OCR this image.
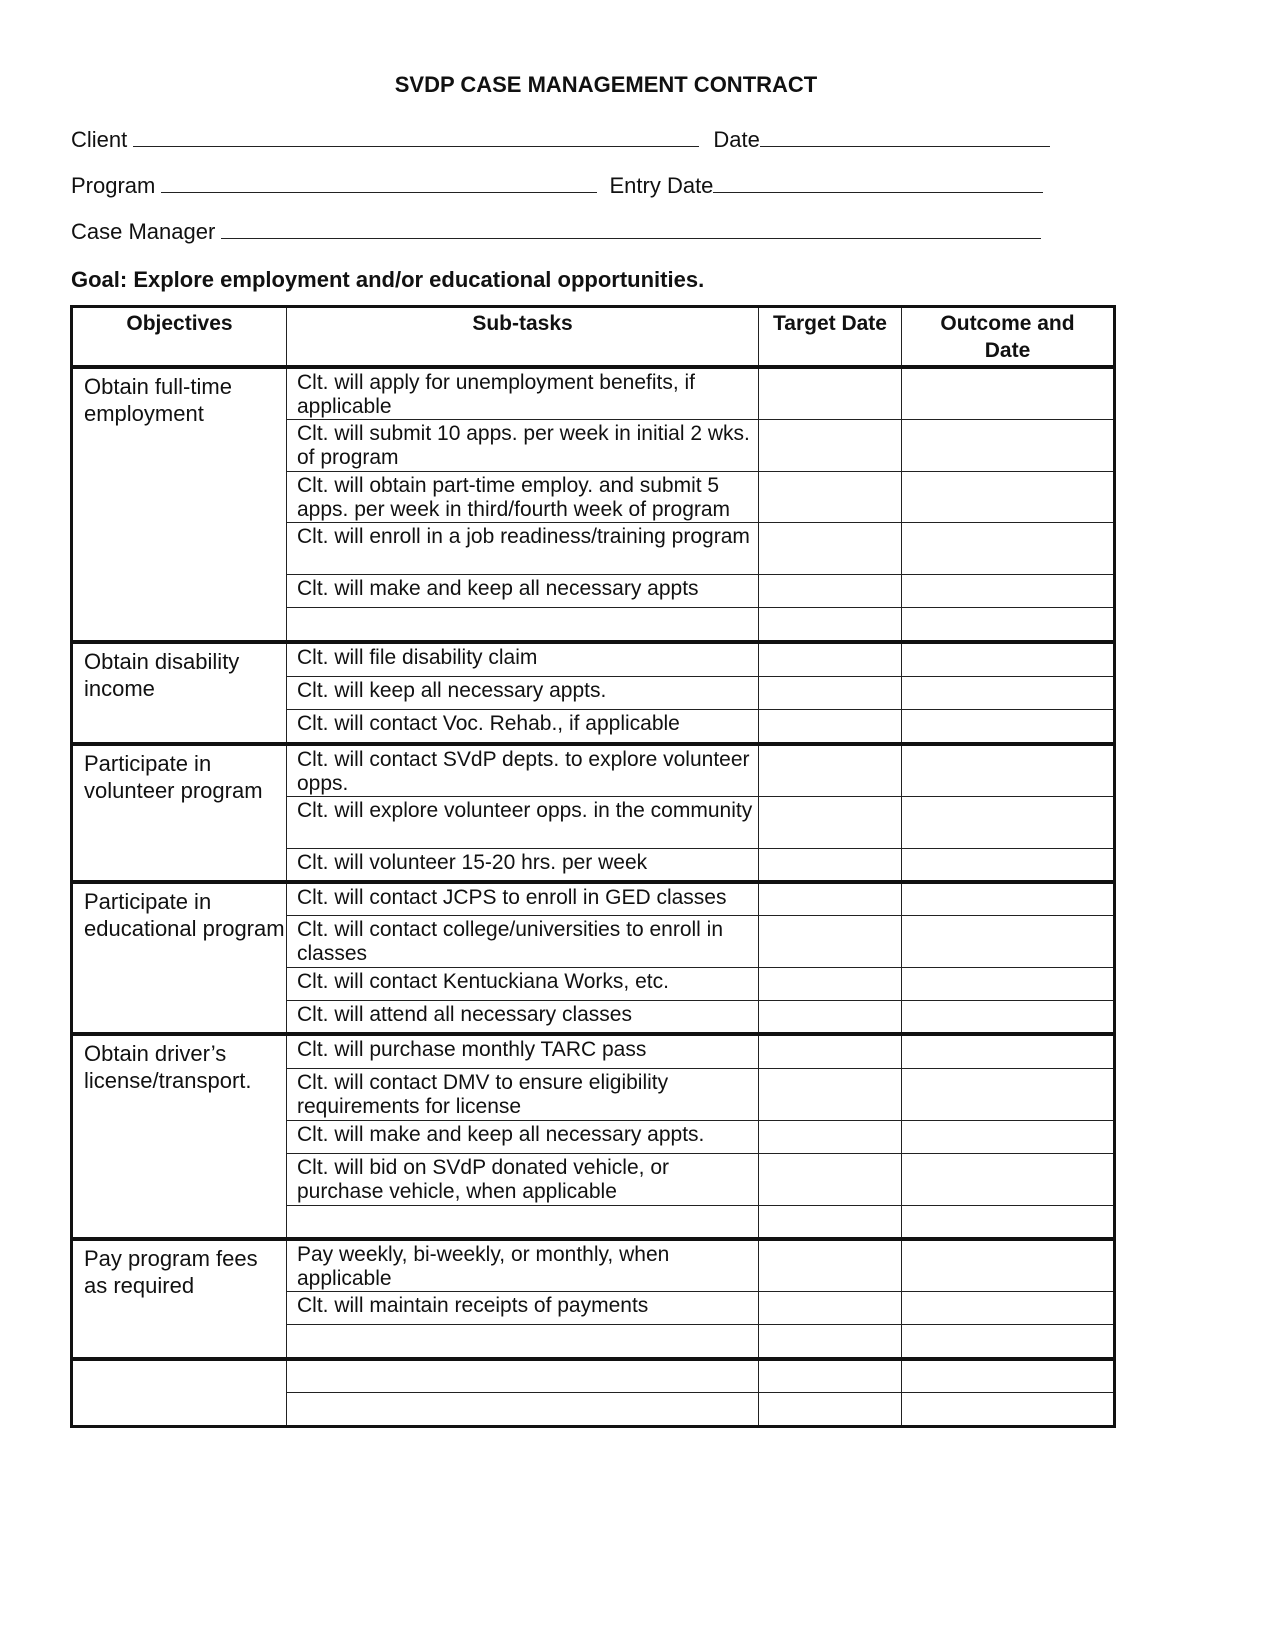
SVDP CASE MANAGEMENT CONTRACT
Client	Date
Program	Entry Date
Case Manager
Goal: Explore employment and/or educational opportunities.
Objectives	Sub-tasks	Target Date	Outcome and Date
Obtain full-time employment	Clt. will apply for unemployment benefits, if applicable		
	Clt. will submit 10 apps. per week in initial 2 wks. of program		
	Clt. will obtain part-time employ. and submit 5 apps. per week in third/fourth week of program		
	Clt. will enroll in a job readiness/training program		
	Clt. will make and keep all necessary appts		

Obtain disability income	Clt. will file disability claim		
	Clt. will keep all necessary appts.		
	Clt. will contact Voc. Rehab., if applicable		
Participate in volunteer program	Clt. will contact SVdP depts. to explore volunteer opps.		
	Clt. will explore volunteer opps. in the community		
	Clt. will volunteer 15-20 hrs. per week		
Participate in educational program	Clt. will contact JCPS to enroll in GED classes		
	Clt. will contact college/universities to enroll in classes		
	Clt. will contact Kentuckiana Works, etc.		
	Clt. will attend all necessary classes		
Obtain driver’s license/transport.	Clt. will purchase monthly TARC pass		
	Clt. will contact DMV to ensure eligibility requirements for license		
	Clt. will make and keep all necessary appts.		
	Clt. will bid on SVdP donated vehicle, or purchase vehicle, when applicable		

Pay program fees as required	Pay weekly, bi-weekly, or monthly, when applicable		
	Clt. will maintain receipts of payments		
